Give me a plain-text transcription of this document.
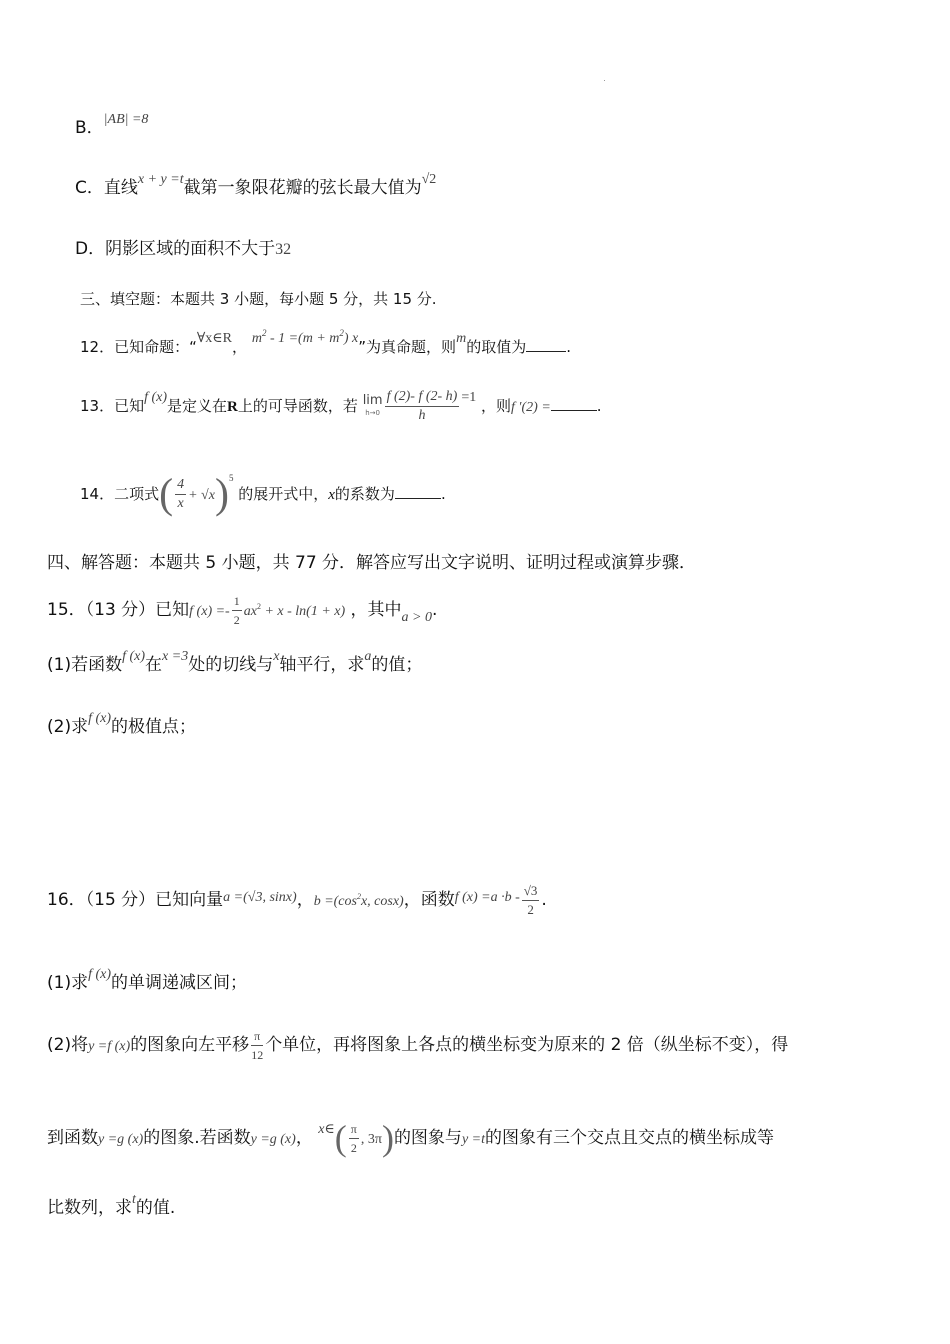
B．$^{|AB| =8}$
C．直线$^{x + y =t}$截第一象限花瓣的弦长最大值为$^{√2}$
D．阴影区域的面积不大于32
三、填空题：本题共 3 小题，每小题 5 分，共 15 分.
12．已知命题：“∀x∈R， $m^2 - 1 =(m + m^2)$ x”为真命题，则m的取值为	.
13．已知f (x)是定义在R上的可导函数，若 lim
$h\to 0 \frac{f (2)- f (2- h)}{h} =1$ ，则f ′(2) =	.
14．二项式( $\frac{4}{x} + √x)^5$ 的展开式中，x的系数为	.
四、解答题：本题共 5 小题，共 77 分．解答应写出文字说明、证明过程或演算步骤．
15．（13 分）已知f $(x) =- \frac{1}{2} ax^2 + x - \ln(1 + x)$ ，其中$_{a > 0}$.
(1)若函数$^{f (x)}$在$^{x =3}$处的切线与$^x$轴平行，求$^a$的值；
(2)求$^{f (x)}$的极值点；
16．（15 分）已知向量$^{a =(√3, sinx)}$，$b =(\cos^2x$, cosx)，函数$^{f (x) =a \cdot b -} \frac{√3}{2}$ .
(1)求$^{f (x)}$的单调递减区间；
(2)将y =f (x)的图象向左平移 $\frac{\pi}{12}$ 个单位，再将图象上各点的横坐标变为原来的 2 倍（纵坐标不变），得
到函数y =g (x)的图象.若函数y =g (x)， $^{x\in}( \frac{\pi}{2}$ , 3π)的图象与y =t的图象有三个交点且交点的横坐标成等
比数列，求$^t$的值.
